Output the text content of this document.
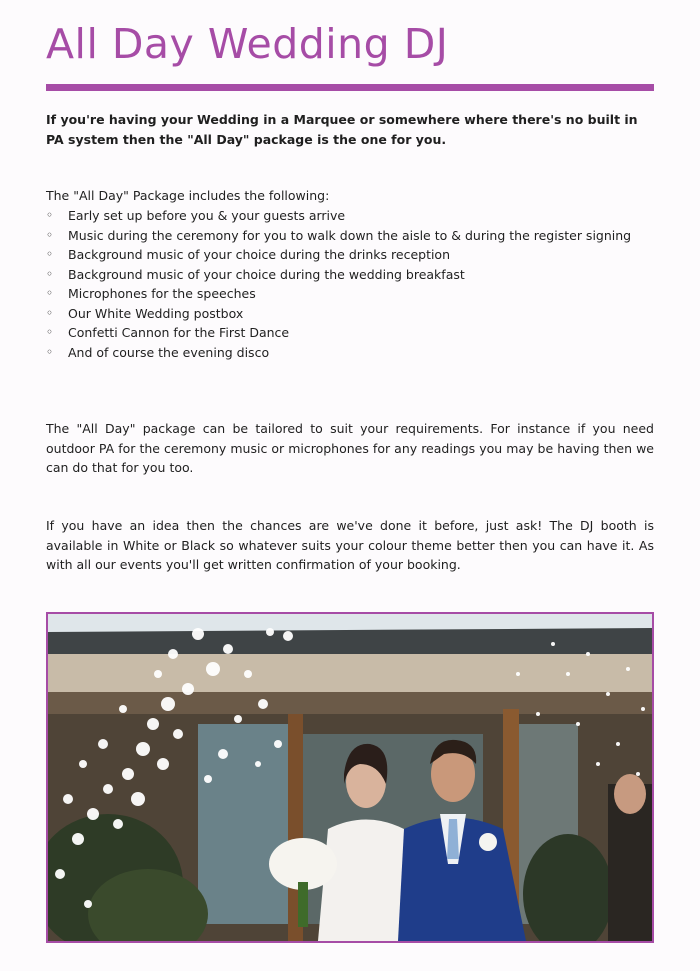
All Day Wedding DJ

If you're having your Wedding in a Marquee or somewhere where there's no built in PA system then the "All Day" package is the one for you.

The "All Day" Package includes the following:

◦ Early set up before you & your guests arrive
◦ Music during the ceremony for you to walk down the aisle to & during the register signing
◦ Background music of your choice during the drinks reception
◦ Background music of your choice during the wedding breakfast
◦ Microphones for the speeches
◦ Our White Wedding postbox
◦ Confetti Cannon for the First Dance
◦ And of course the evening disco

The "All Day" package can be tailored to suit your requirements. For instance if you need outdoor PA for the ceremony music or microphones for any readings you may be having then we can do that for you too.

If you have an idea then the chances are we've done it before, just ask! The DJ booth is available in White or Black so whatever suits your colour theme better then you can have it. As with all our events you'll get written confirmation of your booking.
